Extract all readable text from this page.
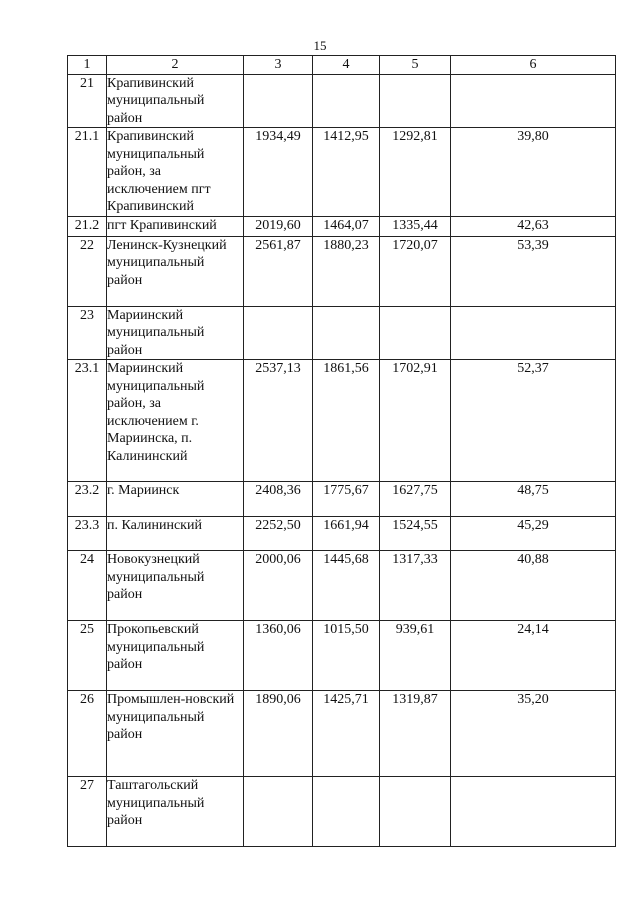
15
1	2	3	4	5	6
21	Крапивинский муниципальный район				
21.1	Крапивинский муниципальный район, за исключением пгт Крапивинский	1934,49	1412,95	1292,81	39,80
21.2	пгт Крапивинский	2019,60	1464,07	1335,44	42,63
22	Ленинск-Кузнецкий муниципальный район	2561,87	1880,23	1720,07	53,39
23	Мариинский муниципальный район				
23.1	Мариинский муниципальный район, за исключением г. Мариинска, п. Калининский	2537,13	1861,56	1702,91	52,37
23.2	г. Мариинск	2408,36	1775,67	1627,75	48,75
23.3	п. Калининский	2252,50	1661,94	1524,55	45,29
24	Новокузнецкий муниципальный район	2000,06	1445,68	1317,33	40,88
25	Прокопьевский муниципальный район	1360,06	1015,50	939,61	24,14
26	Промышлен-новский муниципальный район	1890,06	1425,71	1319,87	35,20
27	Таштагольский муниципальный район				
